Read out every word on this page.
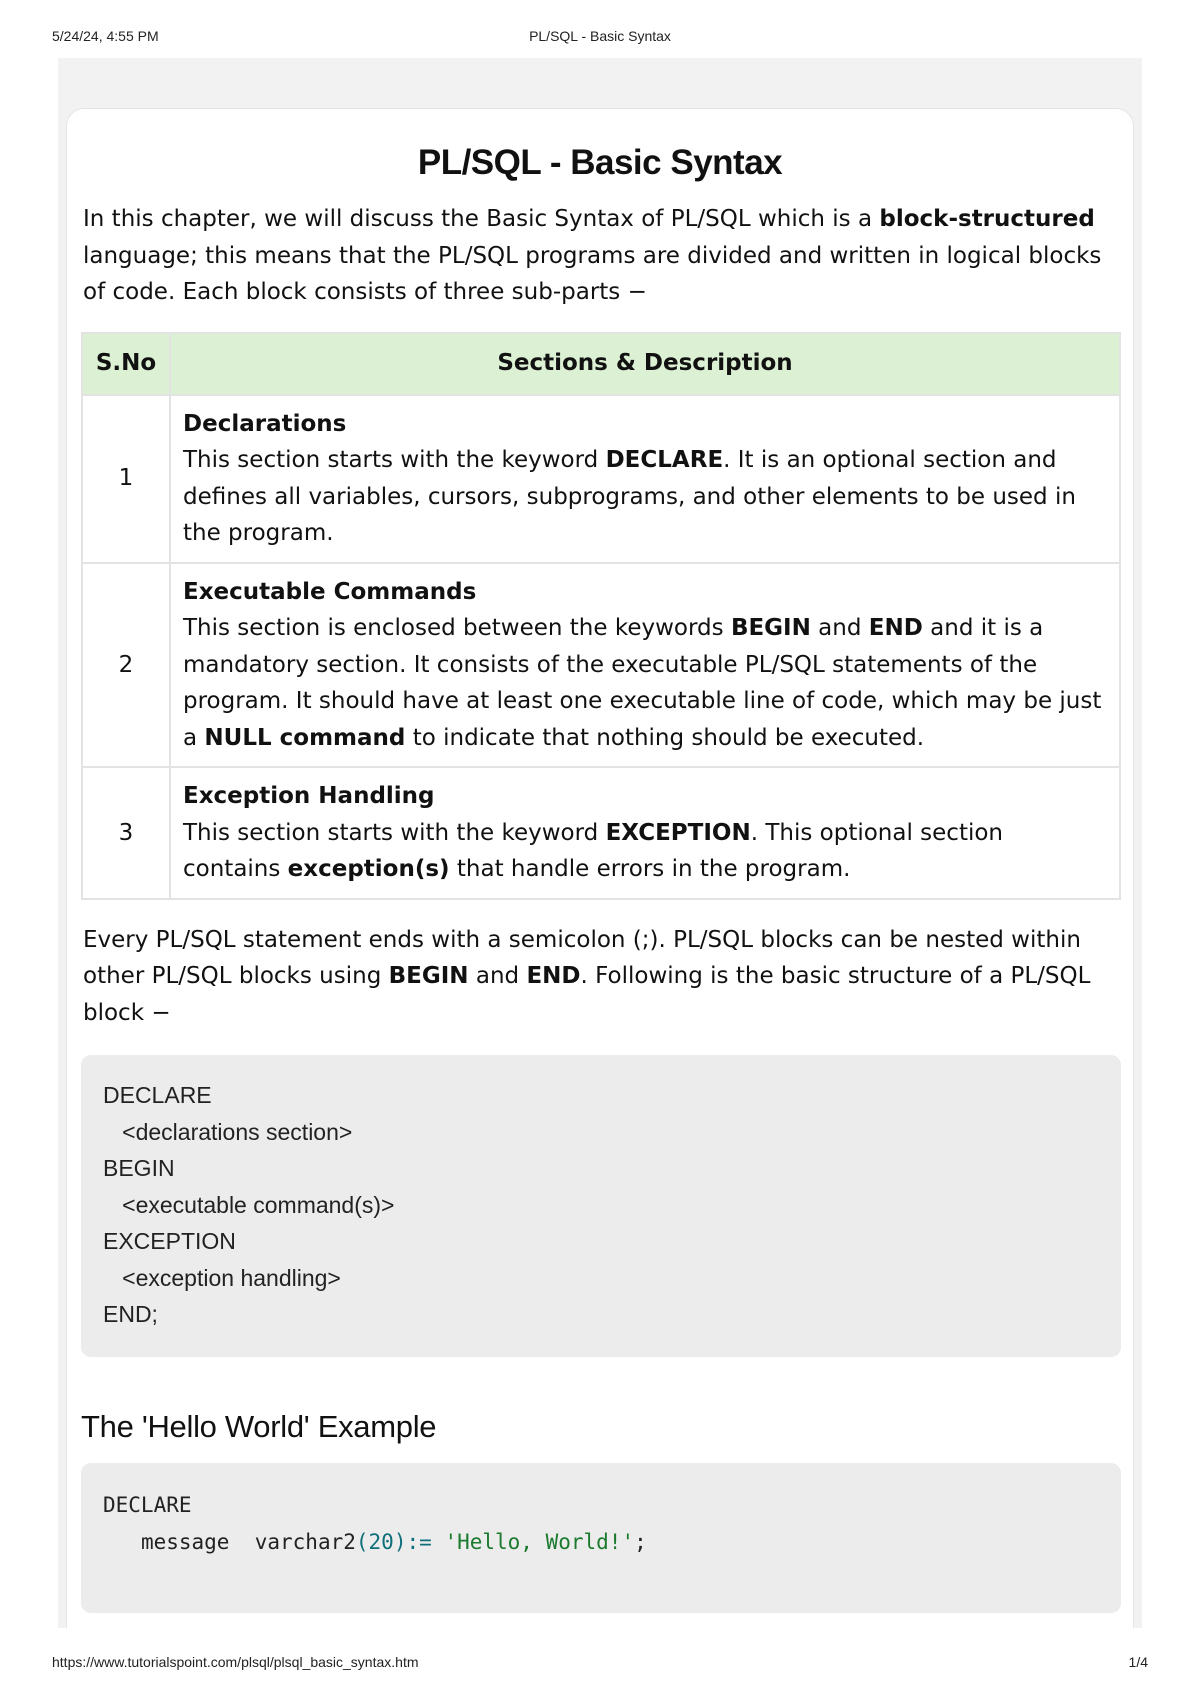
5/24/24, 4:55 PM	PL/SQL - Basic Syntax
PL/SQL - Basic Syntax

In this chapter, we will discuss the Basic Syntax of PL/SQL which is a block-structured language; this means that the PL/SQL programs are divided and written in logical blocks of code. Each block consists of three sub-parts −

S.No	Sections & Description
1	Declarations
This section starts with the keyword DECLARE. It is an optional section and defines all variables, cursors, subprograms, and other elements to be used in the program.
2	Executable Commands
This section is enclosed between the keywords BEGIN and END and it is a mandatory section. It consists of the executable PL/SQL statements of the program. It should have at least one executable line of code, which may be just a NULL command to indicate that nothing should be executed.
3	Exception Handling
This section starts with the keyword EXCEPTION. This optional section contains exception(s) that handle errors in the program.

Every PL/SQL statement ends with a semicolon (;). PL/SQL blocks can be nested within other PL/SQL blocks using BEGIN and END. Following is the basic structure of a PL/SQL block −

DECLARE
<declarations section>
BEGIN
<executable command(s)>
EXCEPTION
<exception handling>
END;
The 'Hello World' Example
DECLARE
message  varchar2(20):= 'Hello, World!';
https://www.tutorialspoint.com/plsql/plsql_basic_syntax.htm	1/4
